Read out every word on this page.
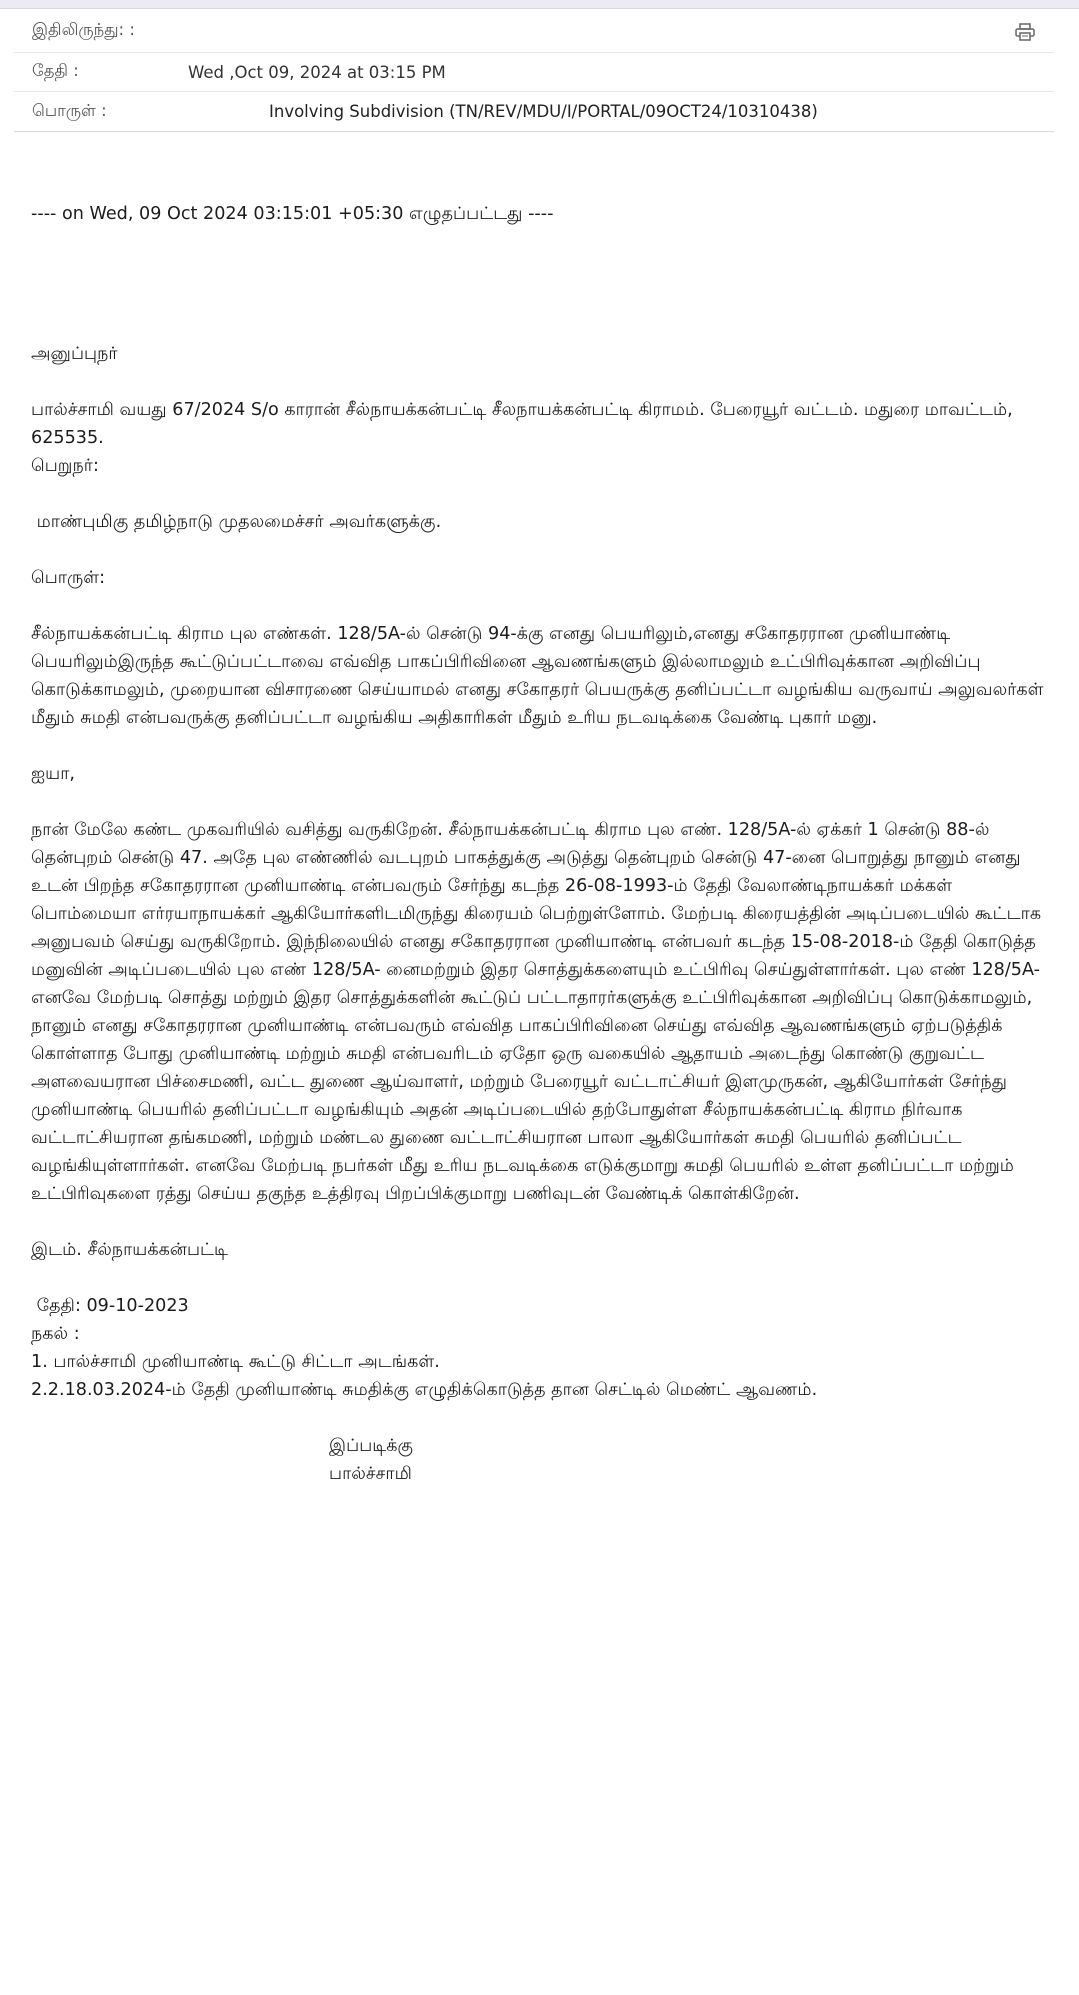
இதிலிருந்து: :
தேதி :	Wed ,Oct 09, 2024 at 03:15 PM
பொருள் :	Involving Subdivision (TN/REV/MDU/I/PORTAL/09OCT24/10310438)

---- on Wed, 09 Oct 2024 03:15:01 +05:30 எழுதப்பட்டது ----

அனுப்புநர்

பால்ச்சாமி வயது 67/2024 S/o காரான் சீல்நாயக்கன்பட்டி சீலநாயக்கன்பட்டி கிராமம். பேரையூர் வட்டம். மதுரை மாவட்டம்,

625535.

பெறுநர்:

மாண்புமிகு தமிழ்நாடு முதலமைச்சர் அவர்களுக்கு.

பொருள்:

சீல்நாயக்கன்பட்டி கிராம புல எண்கள். 128/5A-ல் சென்டு 94-க்கு எனது பெயரிலும்,எனது சகோதரரான முனியாண்டி பெயரிலும்இருந்த கூட்டுப்பட்டாவை எவ்வித பாகப்பிரிவினை ஆவணங்களும் இல்லாமலும் உட்பிரிவுக்கான அறிவிப்பு கொடுக்காமலும், முறையான விசாரணை செய்யாமல் எனது சகோதரர் பெயருக்கு தனிப்பட்டா வழங்கிய வருவாய் அலுவலர்கள் மீதும் சுமதி என்பவருக்கு தனிப்பட்டா வழங்கிய அதிகாரிகள் மீதும் உரிய நடவடிக்கை வேண்டி புகார் மனு.

ஐயா,

நான் மேலே கண்ட முகவரியில் வசித்து வருகிறேன். சீல்நாயக்கன்பட்டி கிராம புல எண். 128/5A-ல் ஏக்கர் 1 சென்டு 88-ல் தென்புறம் சென்டு 47. அதே புல எண்ணில் வடபுறம் பாகத்துக்கு அடுத்து தென்புறம் சென்டு 47-னை பொறுத்து நானும் எனது உடன் பிறந்த சகோதரரான முனியாண்டி என்பவரும் சேர்ந்து கடந்த 26-08-1993-ம் தேதி வேலாண்டிநாயக்கர் மக்கள் பொம்மையா எர்ரயாநாயக்கர் ஆகியோர்களிடமிருந்து கிரையம் பெற்றுள்ளோம். மேற்படி கிரையத்தின் அடிப்படையில் கூட்டாக அனுபவம் செய்து வருகிறோம். இந்நிலையில் எனது சகோதரரான முனியாண்டி என்பவர் கடந்த 15-08-2018-ம் தேதி கொடுத்த மனுவின் அடிப்படையில் புல எண் 128/5A- னைமற்றும் இதர சொத்துக்களையும் உட்பிரிவு செய்துள்ளார்கள். புல எண் 128/5A- எனவே மேற்படி சொத்து மற்றும் இதர சொத்துக்களின் கூட்டுப் பட்டாதாரர்களுக்கு உட்பிரிவுக்கான அறிவிப்பு கொடுக்காமலும், நானும் எனது சகோதரரான முனியாண்டி என்பவரும் எவ்வித பாகப்பிரிவினை செய்து எவ்வித ஆவணங்களும் ஏற்படுத்திக் கொள்ளாத போது முனியாண்டி மற்றும் சுமதி என்பவரிடம் ஏதோ ஒரு வகையில் ஆதாயம் அடைந்து கொண்டு குறுவட்ட அளவையரான பிச்சைமணி, வட்ட துணை ஆய்வாளர், மற்றும் பேரையூர் வட்டாட்சியர் இளமுருகன், ஆகியோர்கள் சேர்ந்து முனியாண்டி பெயரில் தனிப்பட்டா வழங்கியும் அதன் அடிப்படையில் தற்போதுள்ள சீல்நாயக்கன்பட்டி கிராம நிர்வாக வட்டாட்சியரான தங்கமணி, மற்றும் மண்டல துணை வட்டாட்சியரான பாலா ஆகியோர்கள் சுமதி பெயரில் தனிப்பட்ட வழங்கியுள்ளார்கள். எனவே மேற்படி நபர்கள் மீது உரிய நடவடிக்கை எடுக்குமாறு சுமதி பெயரில் உள்ள தனிப்பட்டா மற்றும் உட்பிரிவுகளை ரத்து செய்ய தகுந்த உத்திரவு பிறப்பிக்குமாறு பணிவுடன் வேண்டிக் கொள்கிறேன்.

இடம். சீல்நாயக்கன்பட்டி

தேதி: 09-10-2023

நகல் :

1. பால்ச்சாமி முனியாண்டி கூட்டு சிட்டா அடங்கள்.

2.2.18.03.2024-ம் தேதி முனியாண்டி சுமதிக்கு எழுதிக்கொடுத்த தான செட்டில் மெண்ட் ஆவணம்.

இப்படிக்கு

பால்ச்சாமி
